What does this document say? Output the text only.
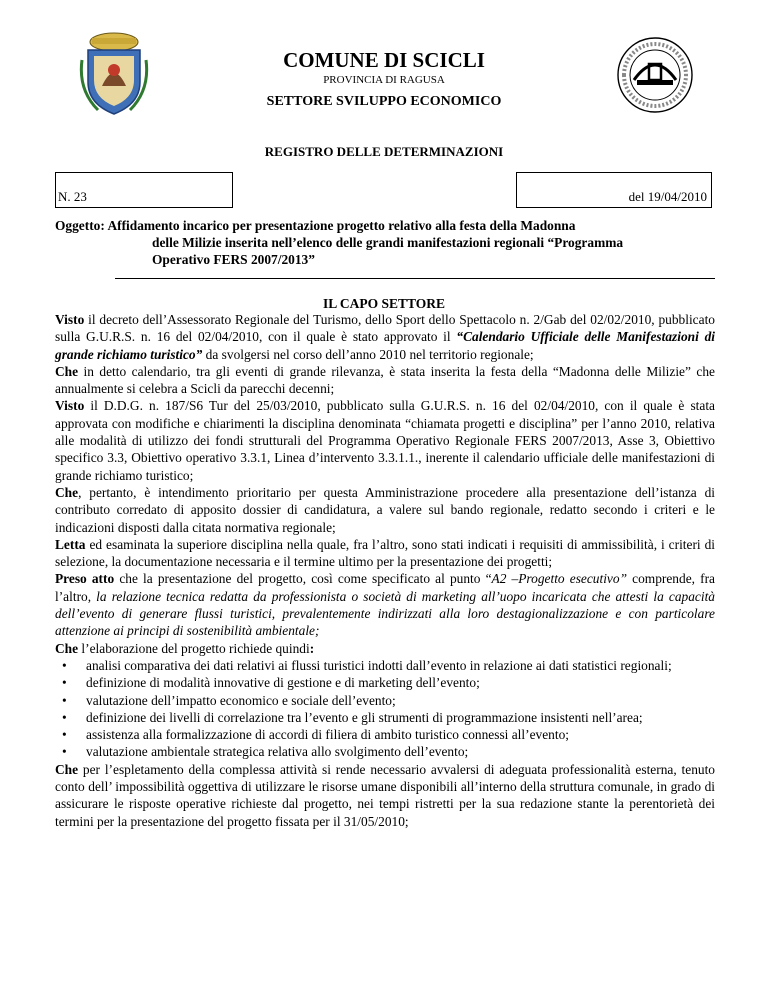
COMUNE DI SCICLI
PROVINCIA DI RAGUSA
SETTORE SVILUPPO ECONOMICO
REGISTRO DELLE DETERMINAZIONI
N. 23	del 19/04/2010
Oggetto: Affidamento incarico per presentazione progetto relativo alla festa della Madonna
delle Milizie inserita nell’elenco delle grandi manifestazioni regionali “Programma
Operativo FERS 2007/2013”
IL CAPO SETTORE

Visto il decreto dell’Assessorato Regionale del Turismo, dello Sport dello Spettacolo n. 2/Gab del 02/02/2010, pubblicato sulla G.U.R.S. n. 16 del 02/04/2010, con il quale è stato approvato il “Calendario Ufficiale delle Manifestazioni di grande richiamo turistico” da svolgersi nel corso dell’anno 2010 nel territorio regionale;

Che in detto calendario, tra gli eventi di grande rilevanza, è stata inserita la festa della “Madonna delle Milizie” che annualmente si celebra a Scicli da parecchi decenni;

Visto il D.D.G. n. 187/S6 Tur del 25/03/2010, pubblicato sulla G.U.R.S. n. 16 del 02/04/2010, con il quale è stata approvata con modifiche e chiarimenti la disciplina denominata “chiamata progetti e disciplina” per l’anno 2010, relativa alle modalità di utilizzo dei fondi strutturali del Programma Operativo Regionale FERS 2007/2013, Asse 3, Obiettivo specifico 3.3, Obiettivo operativo 3.3.1, Linea d’intervento 3.3.1.1., inerente il calendario ufficiale delle manifestazioni di grande richiamo turistico;

Che, pertanto, è intendimento prioritario per questa Amministrazione procedere alla presentazione dell’istanza di contributo corredato di apposito dossier di candidatura, a valere sul bando regionale, redatto secondo i criteri e le indicazioni disposti dalla citata normativa regionale;

Letta ed esaminata la superiore disciplina nella quale, fra l’altro, sono stati indicati i requisiti di ammissibilità, i criteri di selezione, la documentazione necessaria e il termine ultimo per la presentazione dei progetti;

Preso atto che la presentazione del progetto, così come specificato al punto “A2 –Progetto esecutivo” comprende, fra l’altro, la relazione tecnica redatta da professionista o società di marketing all’uopo incaricata che attesti la capacità dell’evento di generare flussi turistici, prevalentemente indirizzati alla loro destagionalizzazione e con particolare attenzione ai principi di sostenibilità ambientale;

Che l’elaborazione del progetto richiede quindi:

• analisi comparativa dei dati relativi ai flussi turistici indotti dall’evento in relazione ai dati statistici regionali;
• definizione di modalità innovative di gestione e di marketing dell’evento;
• valutazione dell’impatto economico e sociale dell’evento;
• definizione dei livelli di correlazione tra l’evento e gli strumenti di programmazione insistenti nell’area;
• assistenza alla formalizzazione di accordi di filiera di ambito turistico connessi all’evento;
• valutazione ambientale strategica relativa allo svolgimento dell’evento;

Che per l’espletamento della complessa attività si rende necessario avvalersi di adeguata professionalità esterna, tenuto conto dell’ impossibilità oggettiva di utilizzare le risorse umane disponibili all’interno della struttura comunale, in grado di assicurare le risposte operative richieste dal progetto, nei tempi ristretti per la sua redazione stante la perentorietà dei termini per la presentazione del progetto fissata per il 31/05/2010;
